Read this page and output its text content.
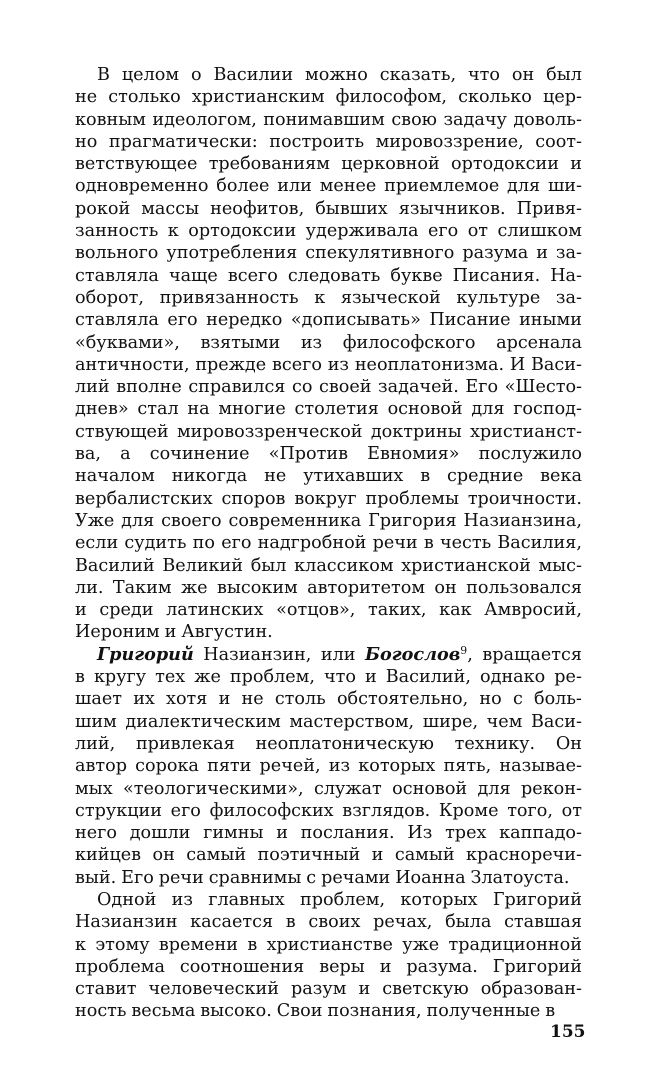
В целом о Василии можно сказать, что он был
не столько христианским философом, сколько цер-
ковным идеологом, понимавшим свою задачу доволь-
но прагматически: построить мировоззрение, соот-
ветствующее требованиям церковной ортодоксии и
одновременно более или менее приемлемое для ши-
рокой массы неофитов, бывших язычников. Привя-
занность к ортодоксии удерживала его от слишком
вольного употребления спекулятивного разума и за-
ставляла чаще всего следовать букве Писания. На-
оборот, привязанность к языческой культуре за-
ставляла его нередко «дописывать» Писание иными
«буквами», взятыми из философского арсенала
античности, прежде всего из неоплатонизма. И Васи-
лий вполне справился со своей задачей. Его «Шесто-
днев» стал на многие столетия основой для господ-
ствующей мировоззренческой доктрины христианст-
ва, а сочинение «Против Евномия» послужило
началом никогда не утихавших в средние века
вербалистских споров вокруг проблемы троичности.
Уже для своего современника Григория Назианзина,
если судить по его надгробной речи в честь Василия,
Василий Великий был классиком христианской мыс-
ли. Таким же высоким авторитетом он пользовался
и среди латинских «отцов», таких, как Амвросий,
Иероним и Августин.
Григорий Назианзин, или Богослов$^9$, вращается
в кругу тех же проблем, что и Василий, однако ре-
шает их хотя и не столь обстоятельно, но с боль-
шим диалектическим мастерством, шире, чем Васи-
лий, привлекая неоплатоническую технику. Он
автор сорока пяти речей, из которых пять, называе-
мых «теологическими», служат основой для рекон-
струкции его философских взглядов. Кроме того, от
него дошли гимны и послания. Из трех каппадо-
кийцев он самый поэтичный и самый красноречи-
вый. Его речи сравнимы с речами Иоанна Златоуста.
Одной из главных проблем, которых Григорий
Назианзин касается в своих речах, была ставшая
к этому времени в христианстве уже традиционной
проблема соотношения веры и разума. Григорий
ставит человеческий разум и светскую образован-
ность весьма высоко. Свои познания, полученные в
155
